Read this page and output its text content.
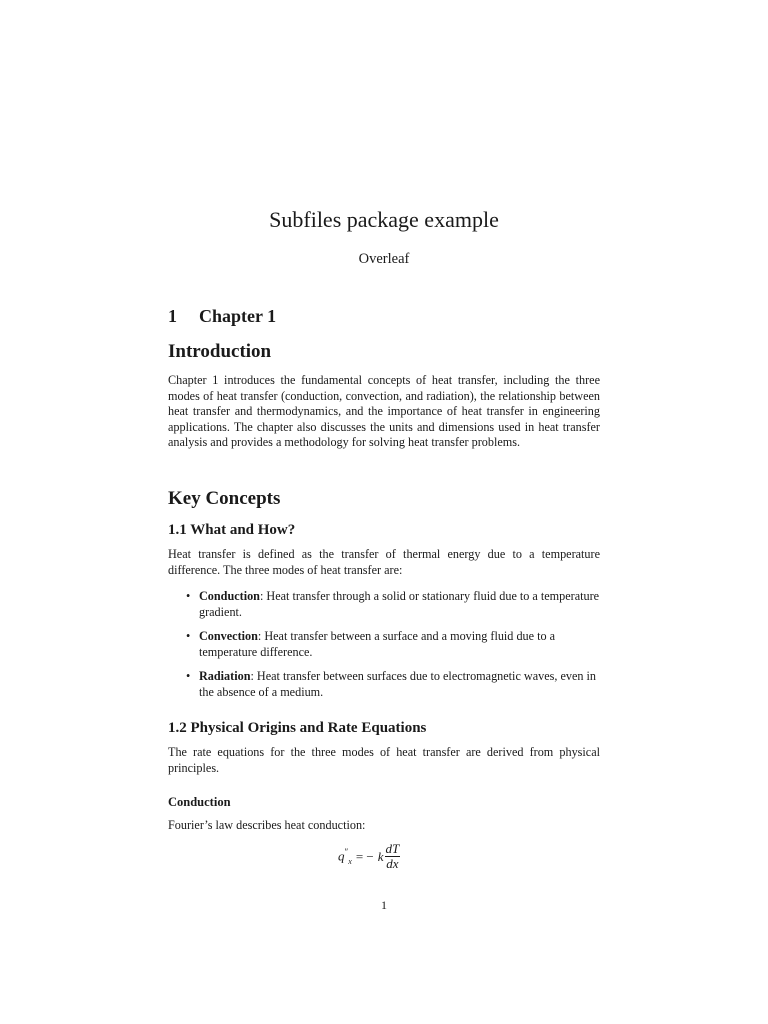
Subfiles package example
Overleaf
1 Chapter 1
Introduction

Chapter 1 introduces the fundamental concepts of heat transfer, including the three modes of heat transfer (conduction, convection, and radiation), the relationship between heat transfer and thermodynamics, and the importance of heat transfer in engineering applications. The chapter also discusses the units and dimensions used in heat transfer analysis and provides a methodology for solving heat transfer problems.

Key Concepts
1.1 What and How?

Heat transfer is defined as the transfer of thermal energy due to a temperature difference. The three modes of heat transfer are:

• Conduction: Heat transfer through a solid or stationary fluid due to a temperature gradient.
• Convection: Heat transfer between a surface and a moving fluid due to a temperature difference.
• Radiation: Heat transfer between surfaces due to electromagnetic waves, even in the absence of a medium.
1.2 Physical Origins and Rate Equations

The rate equations for the three modes of heat transfer are derived from physical principles.

Conduction

Fourier’s law describes heat conduction:

$q''_x$ = − k $\frac{dT}{dx}$
1
